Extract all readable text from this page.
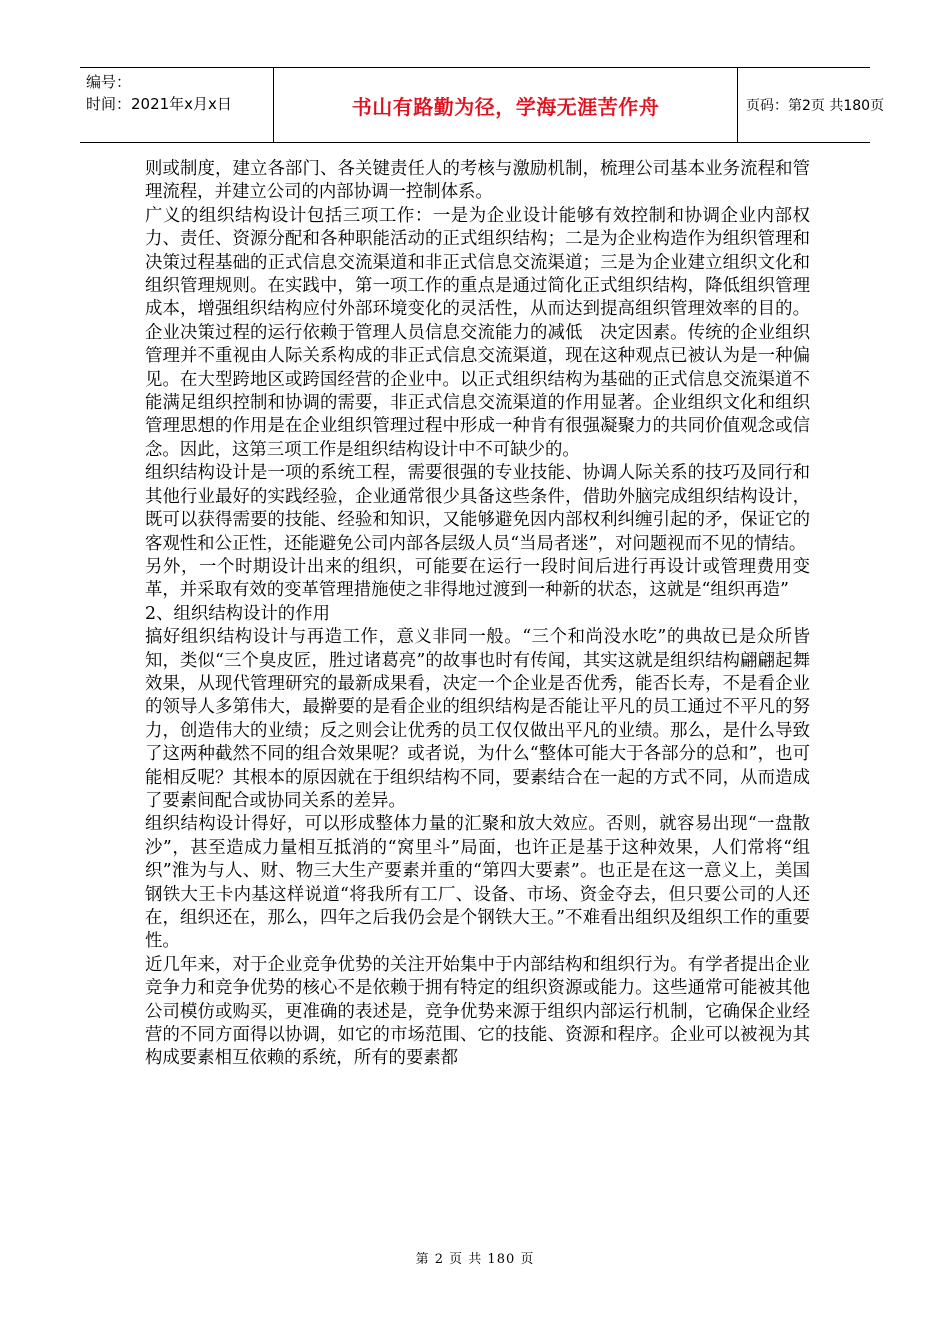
编号：
时间：2021年x月x日	书山有路勤为径，学海无涯苦作舟	页码：第2页 共180页

则或制度，建立各部门、各关键责任人的考核与激励机制，梳理公司基本业务流程和管理流程，并建立公司的内部协调一控制体系。

广义的组织结构设计包括三项工作：一是为企业设计能够有效控制和协调企业内部权力、责任、资源分配和各种职能活动的正式组织结构；二是为企业构造作为组织管理和决策过程基础的正式信息交流渠道和非正式信息交流渠道；三是为企业建立组织文化和组织管理规则。在实践中，第一项工作的重点是通过简化正式组织结构，降低组织管理成本，增强组织结构应付外部环境变化的灵活性，从而达到提高组织管理效率的目的。企业决策过程的运行依赖于管理人员信息交流能力的减低　决定因素。传统的企业组织管理并不重视由人际关系构成的非正式信息交流渠道，现在这种观点已被认为是一种偏见。在大型跨地区或跨国经营的企业中。以正式组织结构为基础的正式信息交流渠道不能满足组织控制和协调的需要，非正式信息交流渠道的作用显著。企业组织文化和组织管理思想的作用是在企业组织管理过程中形成一种肯有很强凝聚力的共同价值观念或信念。因此，这第三项工作是组织结构设计中不可缺少的。

组织结构设计是一项的系统工程，需要很强的专业技能、协调人际关系的技巧及同行和其他行业最好的实践经验，企业通常很少具备这些条件，借助外脑完成组织结构设计，既可以获得需要的技能、经验和知识，又能够避免因内部权利纠缠引起的矛，保证它的客观性和公正性，还能避免公司内部各层级人员“当局者迷”，对问题视而不见的情结。

另外，一个时期设计出来的组织，可能要在运行一段时间后进行再设计或管理费用变革，并采取有效的变革管理措施使之非得地过渡到一种新的状态，这就是“组织再造”

2、组织结构设计的作用

搞好组织结构设计与再造工作，意义非同一般。“三个和尚没水吃”的典故已是众所皆知，类似“三个臭皮匠，胜过诸葛亮”的故事也时有传闻，其实这就是组织结构翩翩起舞　效果，从现代管理研究的最新成果看，决定一个企业是否优秀，能否长寿，不是看企业的领导人多第伟大，最擀要的是看企业的组织结构是否能让平凡的员工通过不平凡的努力，创造伟大的业绩；反之则会让优秀的员工仅仅做出平凡的业绩。那么，是什么导致了这两种截然不同的组合效果呢？或者说，为什么“整体可能大于各部分的总和”，也可能相反呢？其根本的原因就在于组织结构不同，要素结合在一起的方式不同，从而造成了要素间配合或协同关系的差异。

组织结构设计得好，可以形成整体力量的汇聚和放大效应。否则，就容易出现“一盘散沙”，甚至造成力量相互抵消的“窝里斗”局面，也许正是基于这种效果，人们常将“组织”淮为与人、财、物三大生产要素并重的“第四大要素”。也正是在这一意义上，美国钢铁大王卡内基这样说道“将我所有工厂、设备、市场、资金夺去，但只要公司的人还在，组织还在，那么，四年之后我仍会是个钢铁大王。”不难看出组织及组织工作的重要性。

近几年来，对于企业竞争优势的关注开始集中于内部结构和组织行为。有学者提出企业竞争力和竞争优势的核心不是依赖于拥有特定的组织资源或能力。这些通常可能被其他公司模仿或购买，更准确的表述是，竞争优势来源于组织内部运行机制，它确保企业经营的不同方面得以协调，如它的市场范围、它的技能、资源和程序。企业可以被视为其构成要素相互依赖的系统，所有的要素都

第 2 页 共 180 页
